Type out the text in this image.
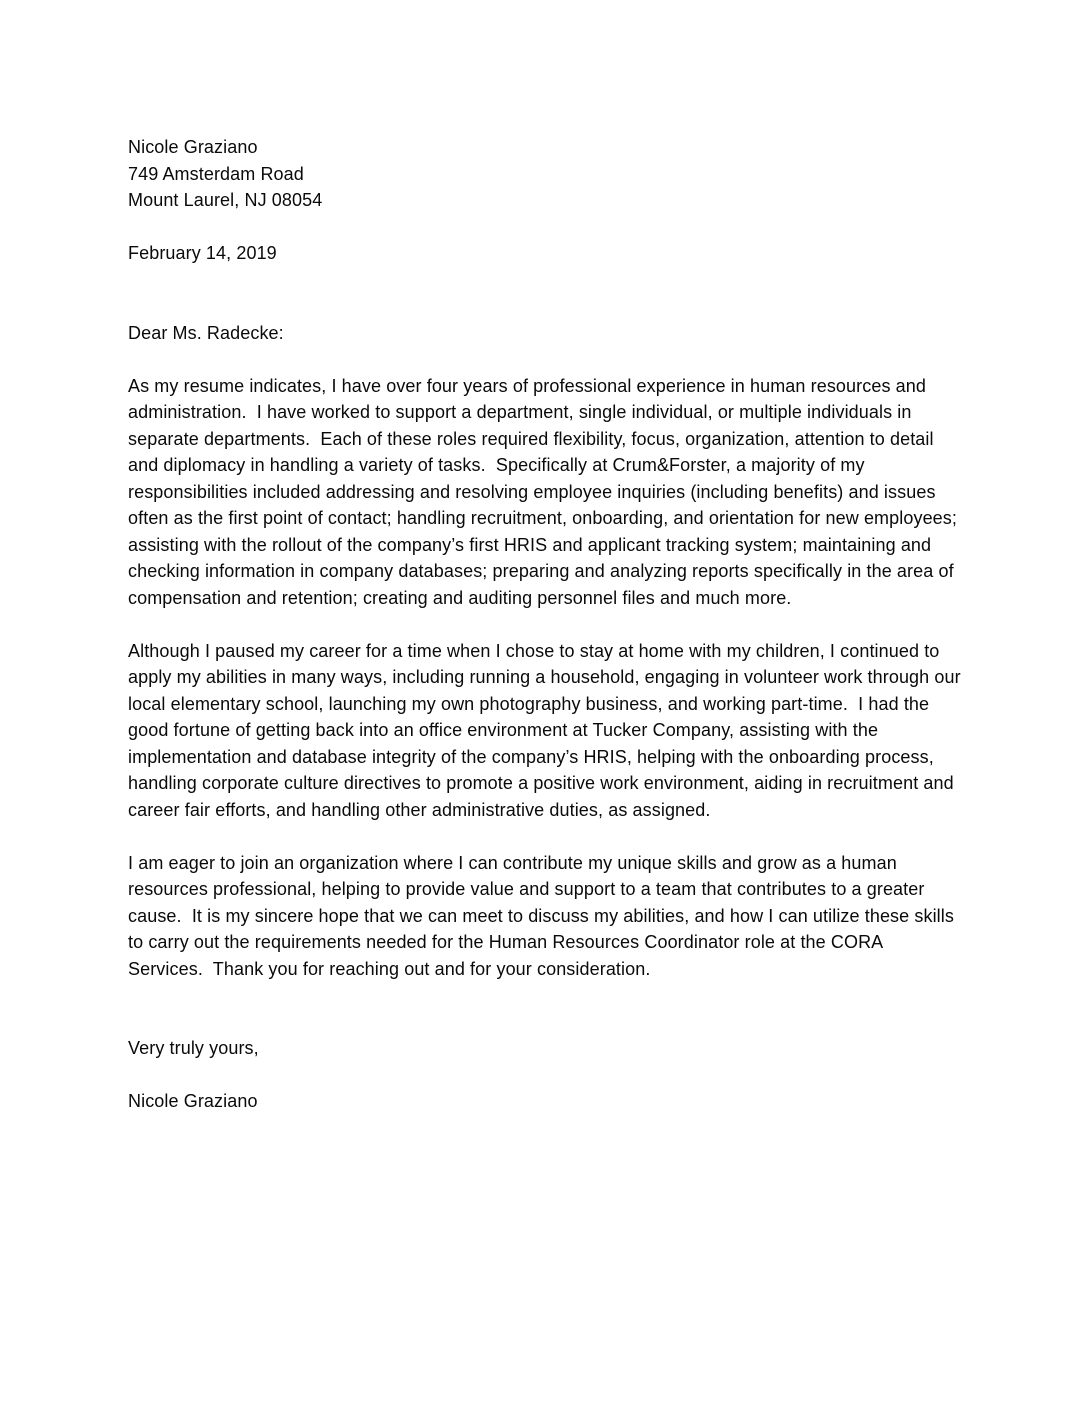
Nicole Graziano
749 Amsterdam Road
Mount Laurel, NJ 08054
February 14, 2019
Dear Ms. Radecke:

As my resume indicates, I have over four years of professional experience in human resources and administration.  I have worked to support a department, single individual, or multiple individuals in separate departments.  Each of these roles required flexibility, focus, organization, attention to detail and diplomacy in handling a variety of tasks.  Specifically at Crum&Forster, a majority of my responsibilities included addressing and resolving employee inquiries (including benefits) and issues often as the first point of contact; handling recruitment, onboarding, and orientation for new employees; assisting with the rollout of the company’s first HRIS and applicant tracking system; maintaining and checking information in company databases; preparing and analyzing reports specifically in the area of compensation and retention; creating and auditing personnel files and much more.

Although I paused my career for a time when I chose to stay at home with my children, I continued to apply my abilities in many ways, including running a household, engaging in volunteer work through our local elementary school, launching my own photography business, and working part-time.  I had the good fortune of getting back into an office environment at Tucker Company, assisting with the implementation and database integrity of the company’s HRIS, helping with the onboarding process, handling corporate culture directives to promote a positive work environment, aiding in recruitment and career fair efforts, and handling other administrative duties, as assigned.

I am eager to join an organization where I can contribute my unique skills and grow as a human resources professional, helping to provide value and support to a team that contributes to a greater cause.  It is my sincere hope that we can meet to discuss my abilities, and how I can utilize these skills to carry out the requirements needed for the Human Resources Coordinator role at the CORA Services.  Thank you for reaching out and for your consideration.

Very truly yours,
Nicole Graziano
